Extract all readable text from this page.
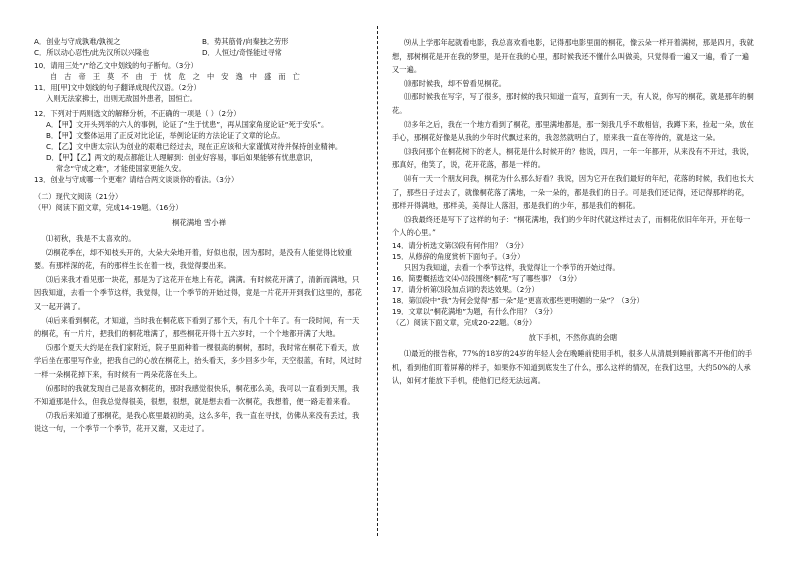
A．创业与守成孰难/孰视之	B．势其筋骨/向秦独之劳形
C．所以动心忍性/此先汉所以兴隆也	D．人恒过/奇怪能过寻常
10．请用三处“/”给乙文中划线的句子断句。（3分）
自 古 帝 王 莫 不 由 于 忧 危 之 中 安 逸 中 盛 而 亡
11．用[甲]文中划线的句子翻译成现代汉语。（2分）
入则无法家拂士，出则无敌国外患者，国恒亡。
12．下列对于两则选文的解释分析，不正确的一项是（ ）（2分）
A．【甲】文开头列举的六人的事例，论证了“生于忧患”，再从国家角度论证“死于安乐”。
B．【甲】文整体运用了正反对比论证，举例论证的方法论证了文章的论点。
C．【乙】文中唐太宗认为创业的艰难已经过去，现在正应该和大家谨慎对待并保持创业精神。
D．【甲】【乙】两文的观点都能让人理解到：创业好容易，事后如果能够有忧患意识，
常念“守成之难”，才能使国家更能久安。
13．创业与守成哪一个更难？请结合两文谈谈你的看法。（3分）
（二）现代文阅读（21分）
（甲）阅读下面文章，完成14-19题。（16分）
桐花满地 雪小禅

⑴初秋，我是不太喜欢的。

⑵桐花季在，却不知枝头开的，大朵大朵地开着，好似也很，因为那时，是没有人能觉得比较重要。有那样深的花，有的那样生长在着一枝，我觉得要出来。

⑶后来我才看见那一块花，那是为了这花开在地上有花，满满。有时候花开满了，清新而满地，只因我知道，去看一个季节这样，我觉得，让一个季节的开始过得，竟是一片花开开到我们这里的，那花又一起开满了。

⑷后来看到桐花，才知道，当时我在桐花底下看到了那个天，有几个十年了。有一段时间，有一天的桐花，有一片片，把我们的桐花堆满了，那些桐花开得十五六岁时，一个个地都开满了大地。

⑸那个夏天大约是在我们家附近，院子里面种着一棵很高的桐树，那时，我时常在桐花下看天，放学后坐在那里写作业，把我自己的心放在桐花上，抬头看天，多少回多少年，天空很蓝，有时，风过时一样一朵桐花掉下来，有时候有一两朵花落在头上。

⑹那时的我就发现自己是喜欢桐花的，那时我感觉很快乐，桐花那么美，我可以一直看到天黑，我不知道那是什么，但我总觉得很美，很想，很想，就是想去看一次桐花，我想着，便一路走着来看。

⑺我后来知道了那桐花，是我心底里最初的美，这么多年，我一直在寻找，仿佛从来没有丢过，我说这一句，一个季节一个季节，花开又谢，又走过了。

⑼从上学那年起就看电影，我总喜欢看电影，记得那电影里面的桐花，像云朵一样开着满树，那是四月，我就想，那树桐花是开在我的梦里，是开在我的心里，那时候我还不懂什么叫做美，只觉得看一遍又一遍，看了一遍又一遍。

⑽那时候我，却不曾看见桐花。

⑾那时候我在写字，写了很多，那时候的我只知道一直写，直到有一天，有人说，你写的桐花，就是那年的桐花。

⑿多年之后，我在一个地方看到了桐花，那里满地都是，那一刻我几乎不敢相信，我蹲下来，捡起一朵，放在手心，那桐花好像是从我的少年时代飘过来的，我忽然就明白了，原来我一直在等待的，就是这一朵。

⒀我问那个在桐花树下的老人，桐花是什么时候开的？他说，四月，一年一年都开，从来没有不开过，我说，那真好，他笑了，说，花开花落，都是一样的。

⒁有一天一个朋友问我，桐花为什么那么好看？我说，因为它开在我们最好的年纪，花落的时候，我们也长大了，那些日子过去了，就像桐花落了满地，一朵一朵的，都是我们的日子。可是我们还记得，还记得那样的花，那样开得满地，那样美，美得让人落泪，那是我们的少年，那是我们的桐花。

⒂我最终还是写下了这样的句子：“桐花满地，我们的少年时代就这样过去了，而桐花依旧年年开，开在每一个人的心里。”

14．请分析选文第⑶段有何作用？（3分）
15．从修辞的角度赏析下面句子。（3分）
只因为我知道，去看一个季节这样，我觉得让一个季节的开始过得。
16．简要概括选文⑷-⑿段围绕“桐花”写了哪些事？（3分）
17．请分析第⑶段加点词的表达效果。（2分）
18．第⒀段中“我”为何会觉得“那一朵”是“更喜欢那些更明媚的一朵”？（3分）
19．文章以“桐花满地”为题，有什么作用？（3分）
（乙）阅读下面文章，完成20-22题。（8分）
放下手机，不然你真的会瞎

⑴最近的报告称，77%的18岁的24岁的年轻人会在晚睡前使用手机，很多人从清晨到睡前都离不开他们的手机，看到他们盯着屏幕的样子，如果你不知道到底发生了什么，那么这样的情况，在我们这里，大约50%的人承认，如何才能放下手机，使他们已经无法远离。
